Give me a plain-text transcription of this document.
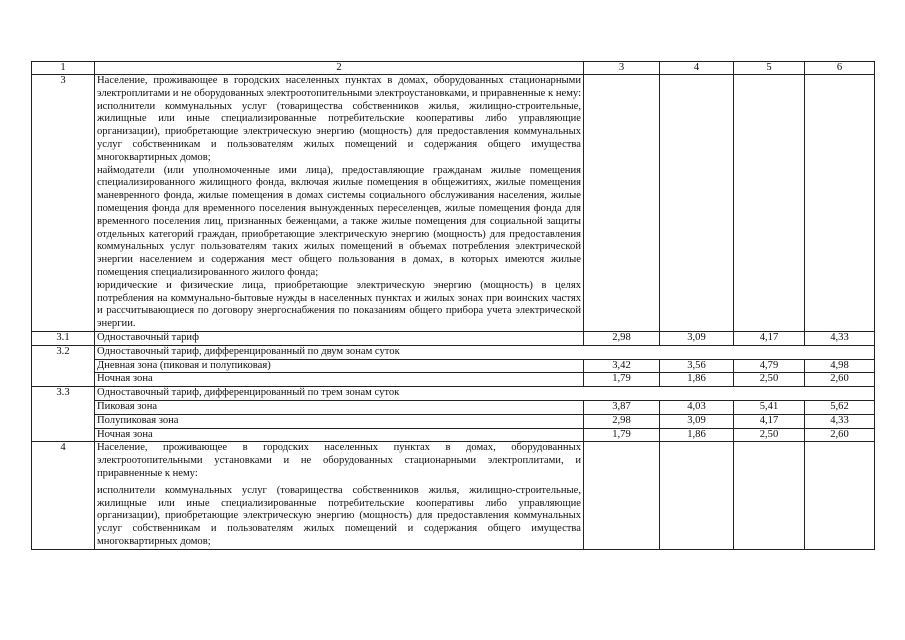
1	2	3	4	5	6
3	Население, проживающее в городских населенных пунктах в домах, оборудованных стационарными электроплитами и не оборудованных электроотопительными электроустановками, и приравненные к нему:
исполнители коммунальных услуг (товарищества собственников жилья, жилищно-строительные, жилищные или иные специализированные потребительские кооперативы либо управляющие организации), приобретающие электрическую энергию (мощность) для предоставления коммунальных услуг собственникам и пользователям жилых помещений и содержания общего имущества многоквартирных домов;
наймодатели (или уполномоченные ими лица), предоставляющие гражданам жилые помещения специализированного жилищного фонда, включая жилые помещения в общежитиях, жилые помещения маневренного фонда, жилые помещения в домах системы социального обслуживания населения, жилые помещения фонда для временного поселения вынужденных переселенцев, жилые помещения фонда для временного поселения лиц, признанных беженцами, а также жилые помещения для социальной защиты отдельных категорий граждан, приобретающие электрическую энергию (мощность) для предоставления коммунальных услуг пользователям таких жилых помещений в объемах потребления электрической энергии населением и содержания мест общего пользования в домах, в которых имеются жилые помещения специализированного жилого фонда;
юридические и физические лица, приобретающие электрическую энергию (мощность) в целях потребления на коммунально-бытовые нужды в населенных пунктах и жилых зонах при воинских частях и рассчитывающиеся по договору энергоснабжения по показаниям общего прибора учета электрической энергии.				

3.1	Одноставочный тариф	2,98	3,09	4,17	4,33
3.2	Одноставочный тариф, дифференцированный по двум зонам суток				
	Дневная зона (пиковая и полупиковая)	3,42	3,56	4,79	4,98
	Ночная зона	1,79	1,86	2,50	2,60
3.3	Одноставочный тариф, дифференцированный по трем зонам суток				
	Пиковая зона	3,87	4,03	5,41	5,62
	Полупиковая зона	2,98	3,09	4,17	4,33
	Ночная зона	1,79	1,86	2,50	2,60
4	Население, проживающее в городских населенных пунктах в домах, оборудованных электроотопительными установками и не оборудованных стационарными электроплитами, и приравненные к нему:
исполнители коммунальных услуг (товарищества собственников жилья, жилищно-строительные, жилищные или иные специализированные потребительские кооперативы либо управляющие организации), приобретающие электрическую энергию (мощность) для предоставления коммунальных услуг собственникам и пользователям жилых помещений и содержания общего имущества многоквартирных домов;				
